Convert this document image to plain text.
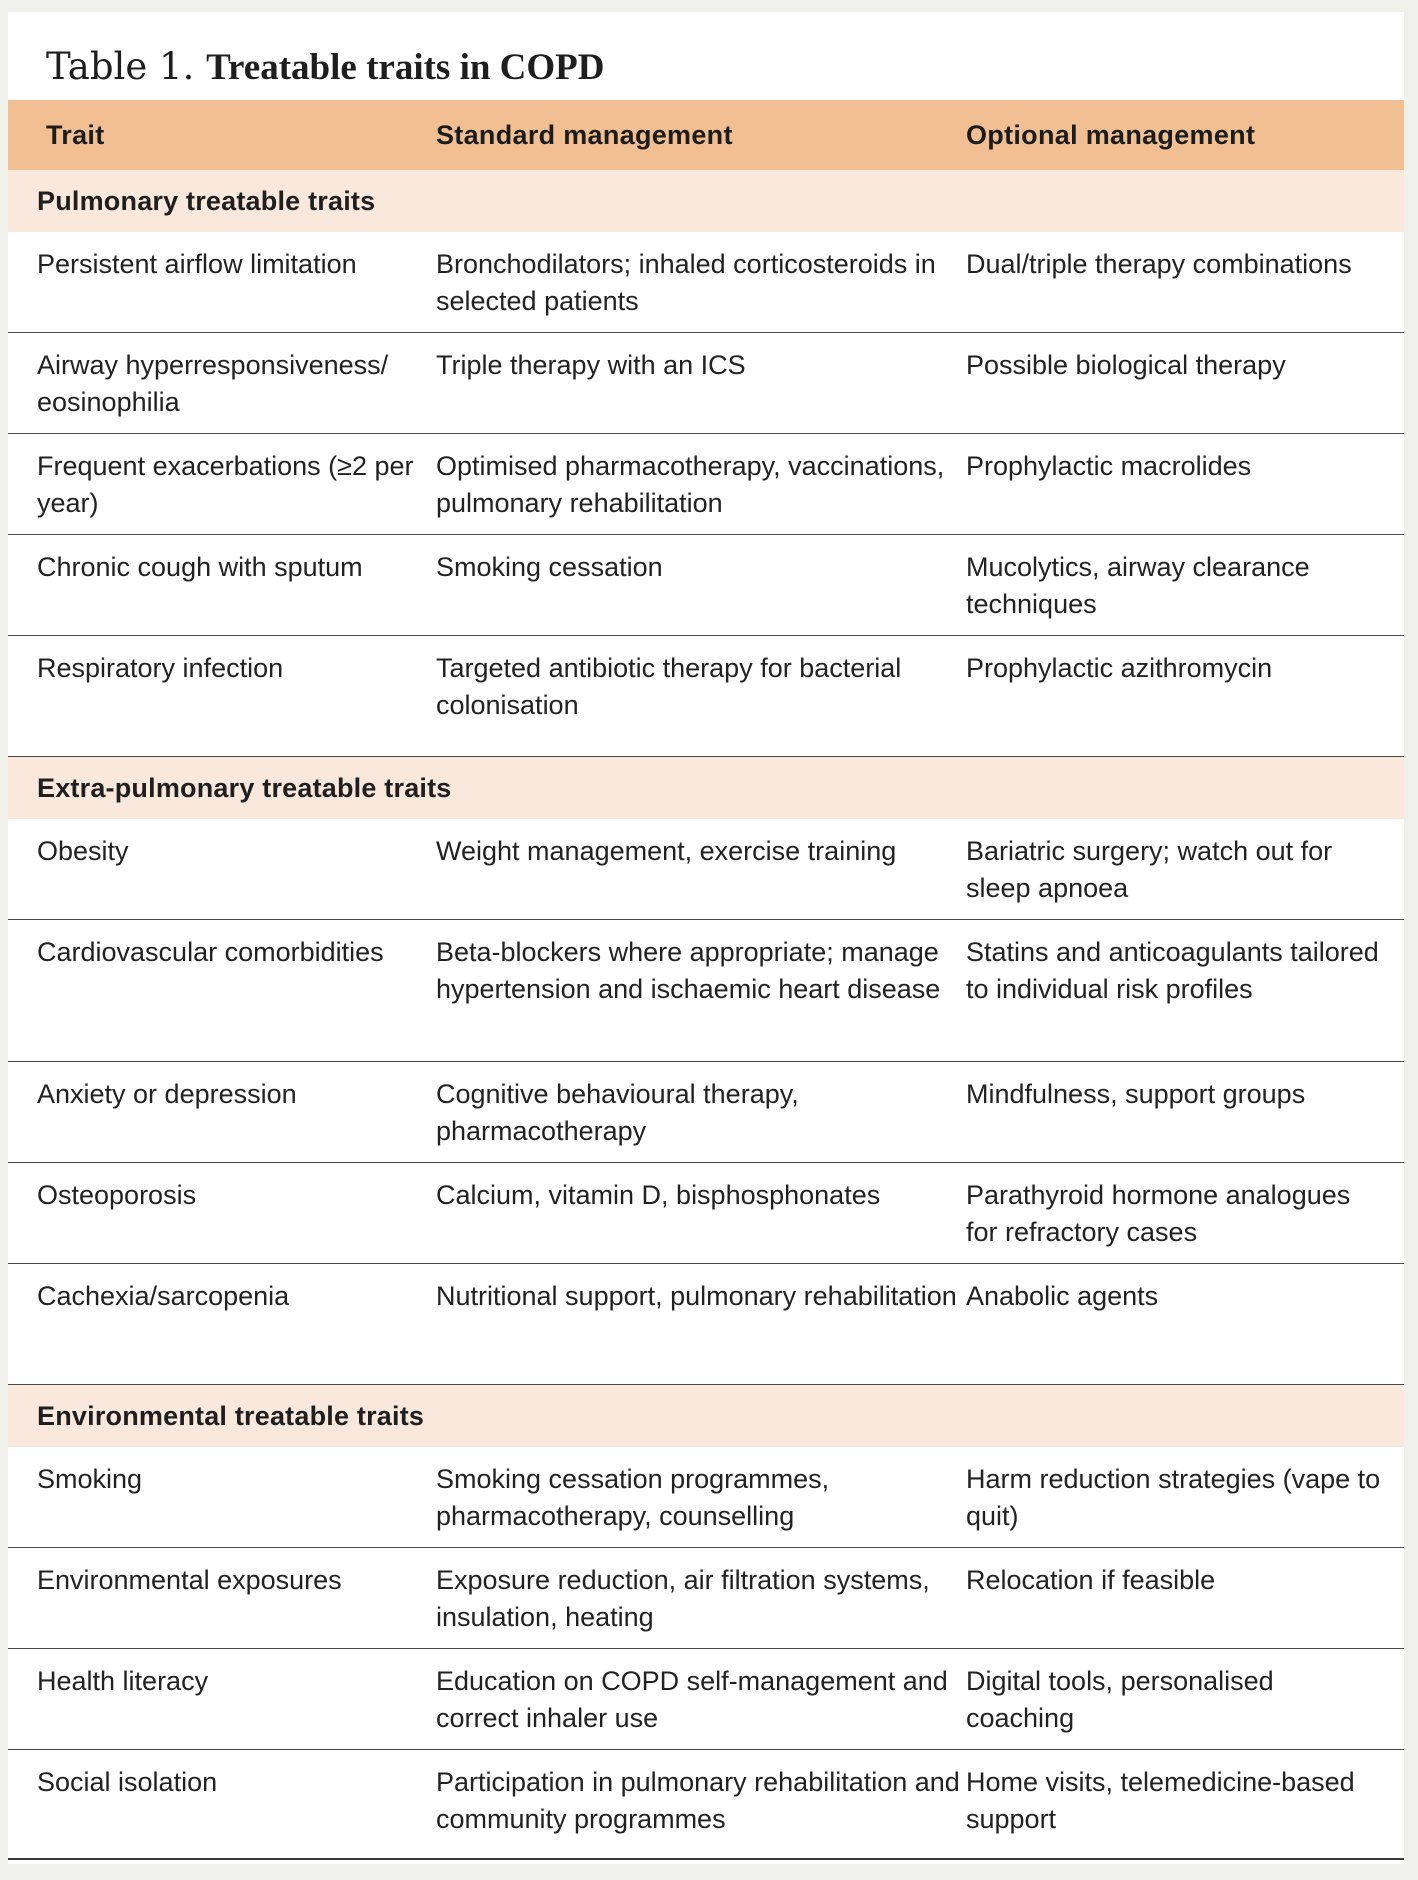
Table 1. Treatable traits in COPD
Trait	Standard management	Optional management
Pulmonary treatable traits		
Persistent airflow limitation	Bronchodilators; inhaled corticosteroids in selected patients	Dual/triple therapy combinations
Airway hyperresponsiveness/ eosinophilia	Triple therapy with an ICS	Possible biological therapy
Frequent exacerbations (≥2 per year)	Optimised pharmacotherapy, vaccinations, pulmonary rehabilitation	Prophylactic macrolides
Chronic cough with sputum	Smoking cessation	Mucolytics, airway clearance techniques
Respiratory infection	Targeted antibiotic therapy for bacterial colonisation	Prophylactic azithromycin
Extra-pulmonary treatable traits		
Obesity	Weight management, exercise training	Bariatric surgery; watch out for sleep apnoea
Cardiovascular comorbidities	Beta-blockers where appropriate; manage hypertension and ischaemic heart disease	Statins and anticoagulants tailored to individual risk profiles
Anxiety or depression	Cognitive behavioural therapy, pharmacotherapy	Mindfulness, support groups
Osteoporosis	Calcium, vitamin D, bisphosphonates	Parathyroid hormone analogues for refractory cases
Cachexia/sarcopenia	Nutritional support, pulmonary rehabilitation	Anabolic agents
Environmental treatable traits		
Smoking	Smoking cessation programmes, pharmacotherapy, counselling	Harm reduction strategies (vape to quit)
Environmental exposures	Exposure reduction, air filtration systems, insulation, heating	Relocation if feasible
Health literacy	Education on COPD self-management and correct inhaler use	Digital tools, personalised coaching
Social isolation	Participation in pulmonary rehabilitation and community programmes	Home visits, telemedicine-based support
